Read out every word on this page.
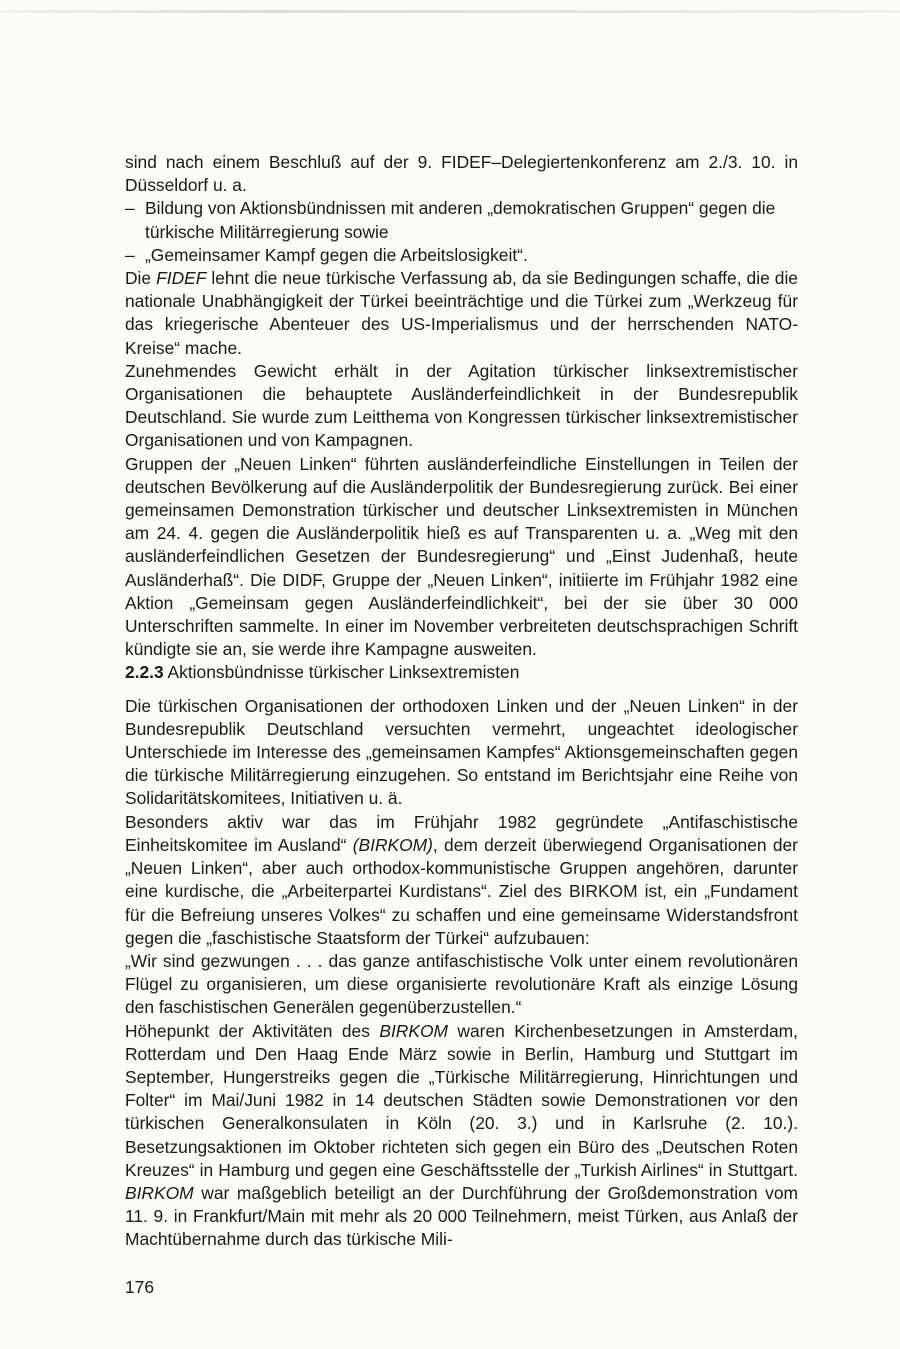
sind nach einem Beschluß auf der 9. FIDEF–Delegiertenkonferenz am 2./3. 10. in Düsseldorf u. a.

– Bildung von Aktionsbündnissen mit anderen „demokratischen Gruppen“ gegen die türkische Militärregierung sowie
– „Gemeinsamer Kampf gegen die Arbeitslosigkeit“.

Die FIDEF lehnt die neue türkische Verfassung ab, da sie Bedingungen schaffe, die die nationale Unabhängigkeit der Türkei beeinträchtige und die Türkei zum „Werkzeug für das kriegerische Abenteuer des US-Imperialismus und der herrschenden NATO-Kreise“ mache.

Zunehmendes Gewicht erhält in der Agitation türkischer linksextremistischer Organisationen die behauptete Ausländerfeindlichkeit in der Bundesrepublik Deutschland. Sie wurde zum Leitthema von Kongressen türkischer linksextremistischer Organisationen und von Kampagnen.

Gruppen der „Neuen Linken“ führten ausländerfeindliche Einstellungen in Teilen der deutschen Bevölkerung auf die Ausländerpolitik der Bundesregierung zurück. Bei einer gemeinsamen Demonstration türkischer und deutscher Linksextremisten in München am 24. 4. gegen die Ausländerpolitik hieß es auf Transparenten u. a. „Weg mit den ausländerfeindlichen Gesetzen der Bundesregierung“ und „Einst Judenhaß, heute Ausländerhaß“. Die DIDF, Gruppe der „Neuen Linken“, initiierte im Frühjahr 1982 eine Aktion „Gemeinsam gegen Ausländerfeindlichkeit“, bei der sie über 30 000 Unterschriften sammelte. In einer im November verbreiteten deutschsprachigen Schrift kündigte sie an, sie werde ihre Kampagne ausweiten.

2.2.3 Aktionsbündnisse türkischer Linksextremisten

Die türkischen Organisationen der orthodoxen Linken und der „Neuen Linken“ in der Bundesrepublik Deutschland versuchten vermehrt, ungeachtet ideologischer Unterschiede im Interesse des „gemeinsamen Kampfes“ Aktionsgemeinschaften gegen die türkische Militärregierung einzugehen. So entstand im Berichtsjahr eine Reihe von Solidaritätskomitees, Initiativen u. ä.

Besonders aktiv war das im Frühjahr 1982 gegründete „Antifaschistische Einheitskomitee im Ausland“ (BIRKOM), dem derzeit überwiegend Organisationen der „Neuen Linken“, aber auch orthodox-kommunistische Gruppen angehören, darunter eine kurdische, die „Arbeiterpartei Kurdistans“. Ziel des BIRKOM ist, ein „Fundament für die Befreiung unseres Volkes“ zu schaffen und eine gemeinsame Widerstandsfront gegen die „faschistische Staatsform der Türkei“ aufzubauen:

„Wir sind gezwungen . . . das ganze antifaschistische Volk unter einem revolutionären Flügel zu organisieren, um diese organisierte revolutionäre Kraft als einzige Lösung den faschistischen Generälen gegenüberzustellen.“

Höhepunkt der Aktivitäten des BIRKOM waren Kirchenbesetzungen in Amsterdam, Rotterdam und Den Haag Ende März sowie in Berlin, Hamburg und Stuttgart im September, Hungerstreiks gegen die „Türkische Militärregierung, Hinrichtungen und Folter“ im Mai/Juni 1982 in 14 deutschen Städten sowie Demonstrationen vor den türkischen Generalkonsulaten in Köln (20. 3.) und in Karlsruhe (2. 10.). Besetzungsaktionen im Oktober richteten sich gegen ein Büro des „Deutschen Roten Kreuzes“ in Hamburg und gegen eine Geschäftsstelle der „Turkish Airlines“ in Stuttgart. BIRKOM war maßgeblich beteiligt an der Durchführung der Großdemonstration vom 11. 9. in Frankfurt/Main mit mehr als 20 000 Teilnehmern, meist Türken, aus Anlaß der Machtübernahme durch das türkische Mili-

176
